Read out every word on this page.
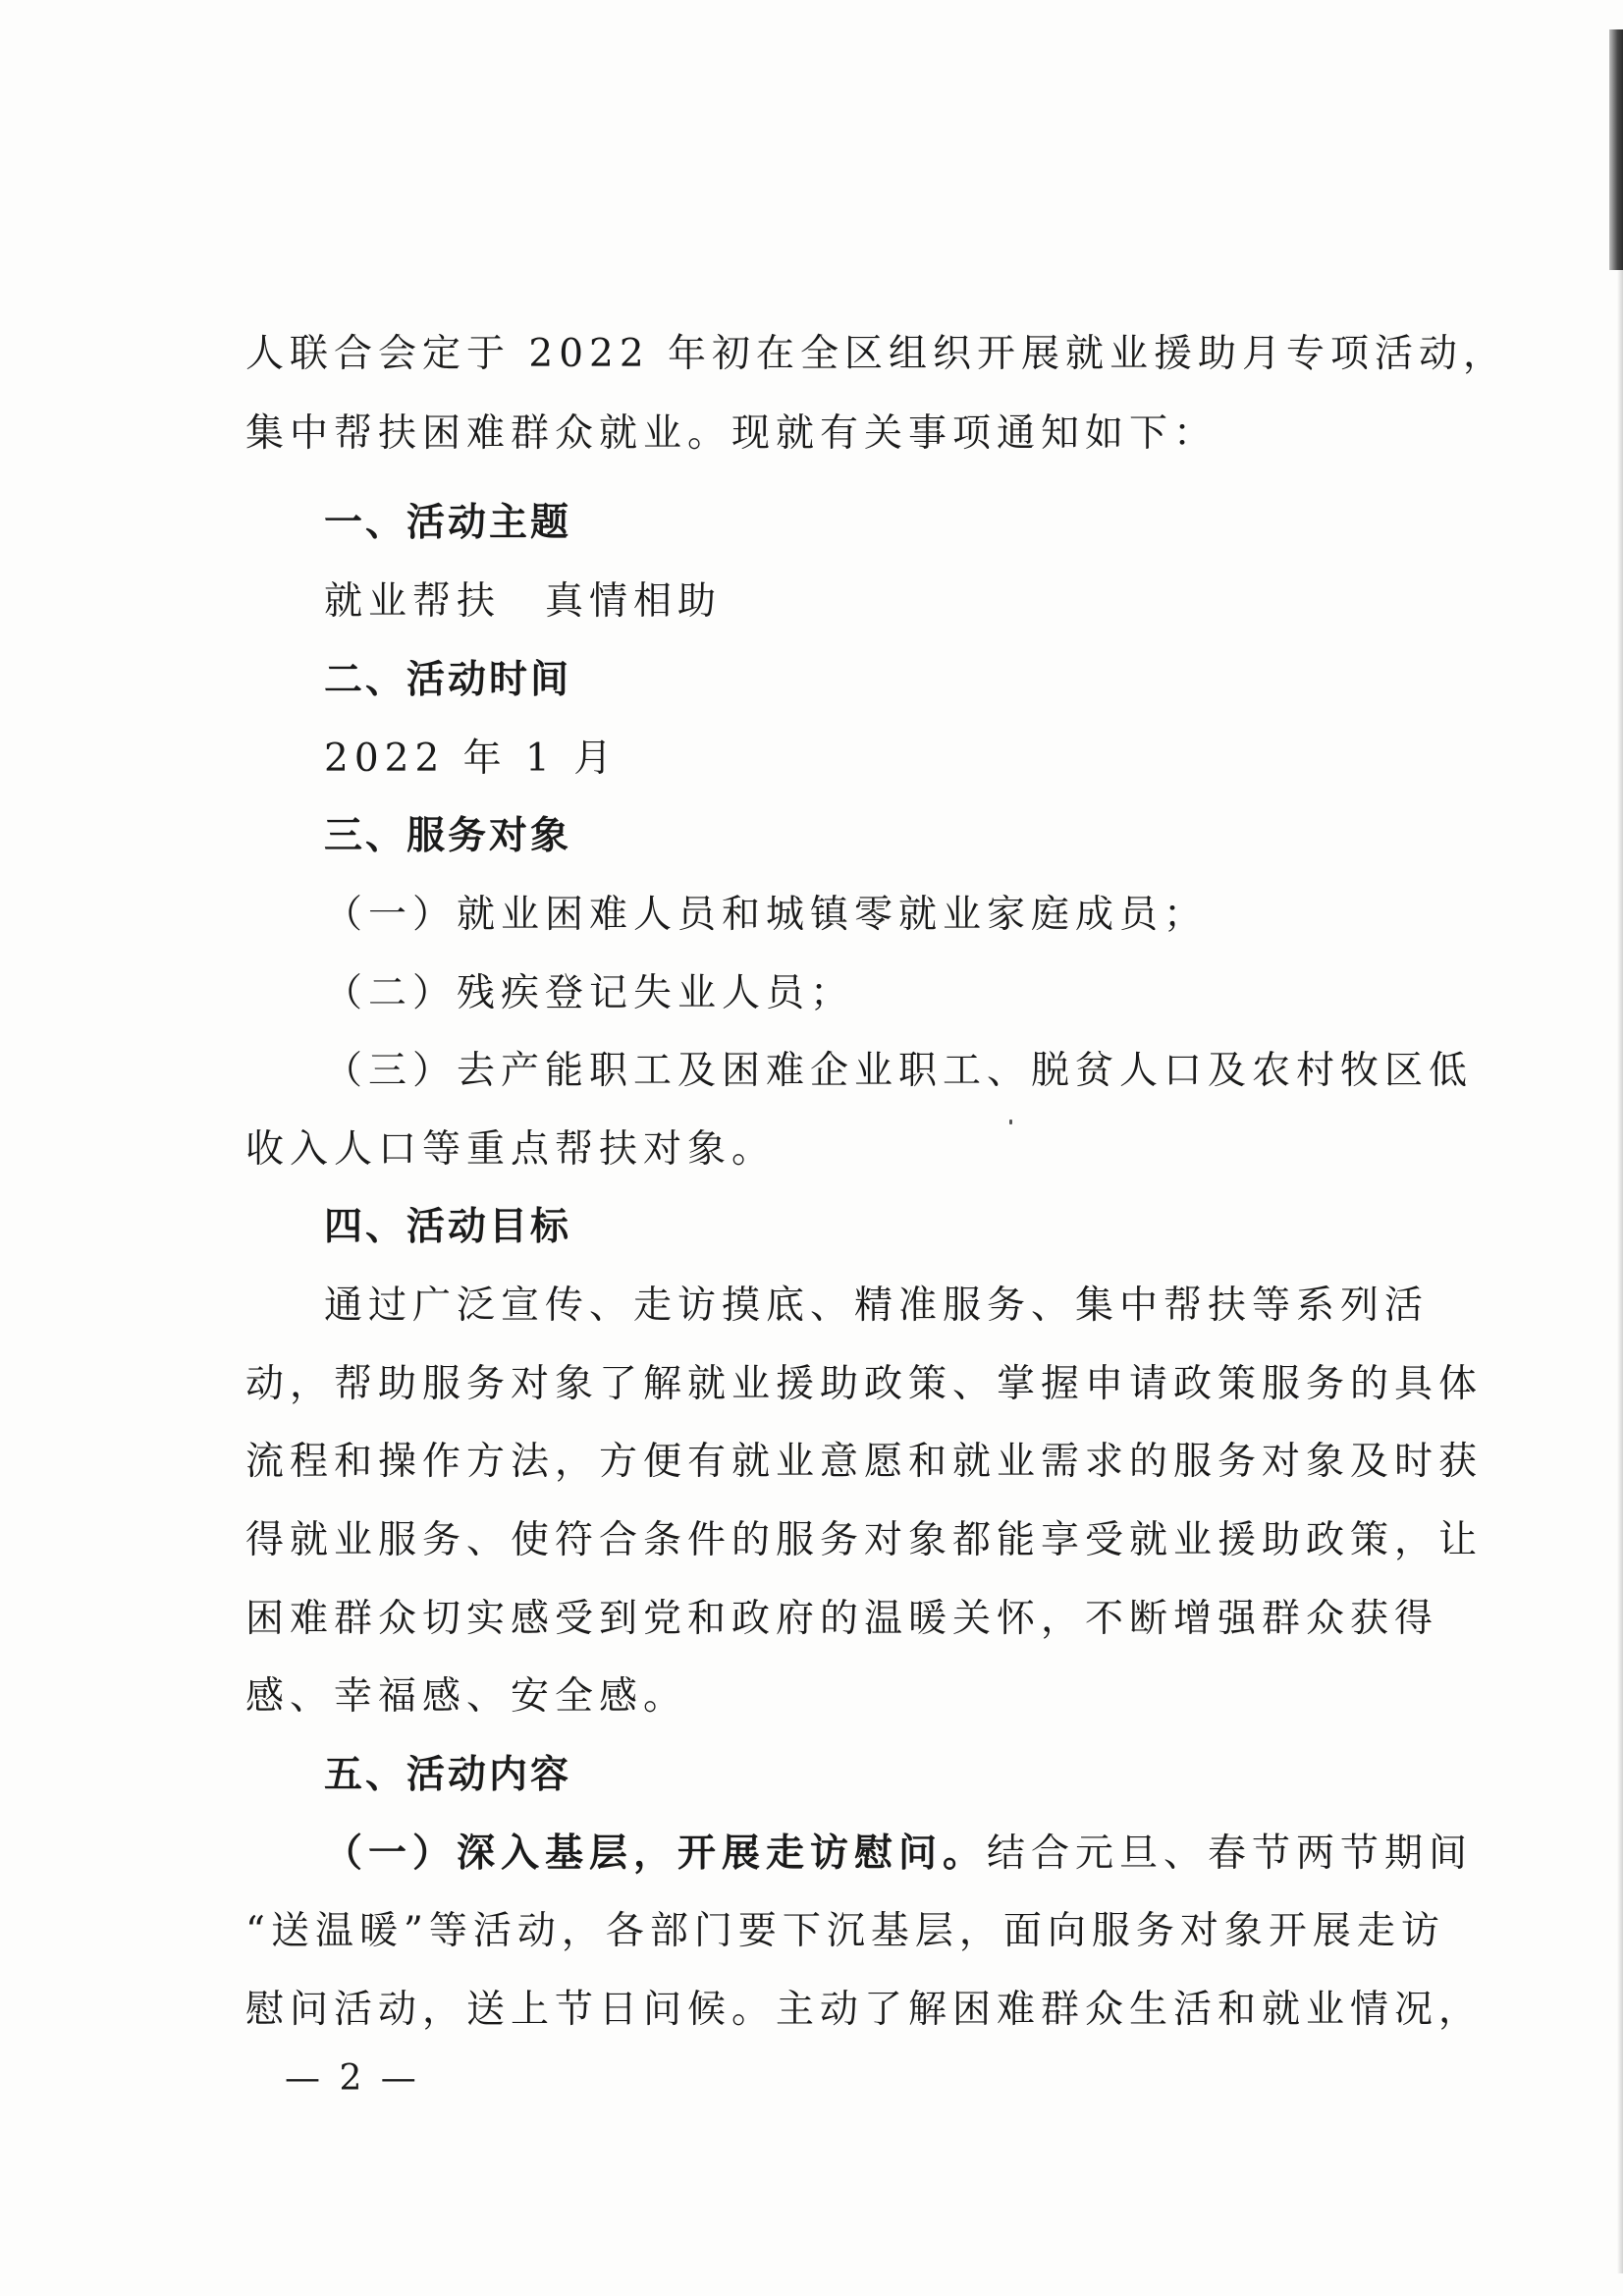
人联合会定于 2022 年初在全区组织开展就业援助月专项活动，
集中帮扶困难群众就业。现就有关事项通知如下：
一、活动主题
就业帮扶　真情相助
二、活动时间
2022 年 1 月
三、服务对象
（一）就业困难人员和城镇零就业家庭成员；
（二）残疾登记失业人员；
（三）去产能职工及困难企业职工、脱贫人口及农村牧区低
收入人口等重点帮扶对象。
四、活动目标
通过广泛宣传、走访摸底、精准服务、集中帮扶等系列活
动，帮助服务对象了解就业援助政策、掌握申请政策服务的具体
流程和操作方法，方便有就业意愿和就业需求的服务对象及时获
得就业服务、使符合条件的服务对象都能享受就业援助政策，让
困难群众切实感受到党和政府的温暖关怀，不断增强群众获得
感、幸福感、安全感。
五、活动内容
（一）深入基层，开展走访慰问。结合元旦、春节两节期间
“送温暖”等活动，各部门要下沉基层，面向服务对象开展走访
慰问活动，送上节日问候。主动了解困难群众生活和就业情况，
— 2 —
